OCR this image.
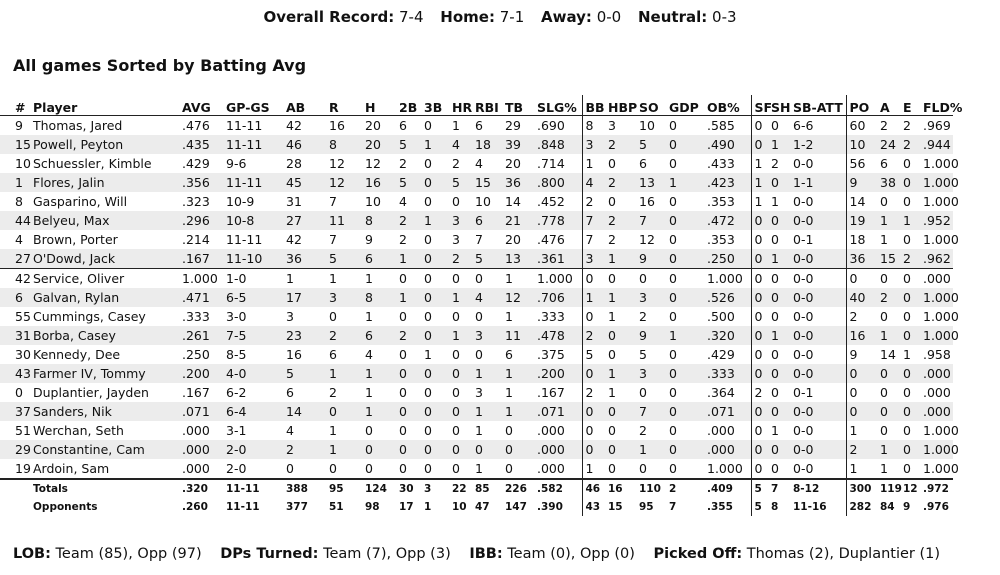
Overall Record: 7-4 Home: 7-1 Away: 0-0 Neutral: 0-3
All games Sorted by Batting Avg
#	Player	AVG	GP-GS	AB	R	H	2B	3B	HR	RBI	TB	SLG%	BB	HBP	SO	GDP	OB%	SF	SH	SB-ATT	PO	A	E	FLD%
9	Thomas, Jared	.476	11-11	42	16	20	6	0	1	6	29	.690	8	3	10	0	.585	0	0	6-6	60	2	2	.969
15	Powell, Peyton	.435	11-11	46	8	20	5	1	4	18	39	.848	3	2	5	0	.490	0	1	1-2	10	24	2	.944
10	Schuessler, Kimble	.429	9-6	28	12	12	2	0	2	4	20	.714	1	0	6	0	.433	1	2	0-0	56	6	0	1.000
1	Flores, Jalin	.356	11-11	45	12	16	5	0	5	15	36	.800	4	2	13	1	.423	1	0	1-1	9	38	0	1.000
8	Gasparino, Will	.323	10-9	31	7	10	4	0	0	10	14	.452	2	0	16	0	.353	1	1	0-0	14	0	0	1.000
44	Belyeu, Max	.296	10-8	27	11	8	2	1	3	6	21	.778	7	2	7	0	.472	0	0	0-0	19	1	1	.952
4	Brown, Porter	.214	11-11	42	7	9	2	0	3	7	20	.476	7	2	12	0	.353	0	0	0-1	18	1	0	1.000
27	O'Dowd, Jack	.167	11-10	36	5	6	1	0	2	5	13	.361	3	1	9	0	.250	0	1	0-0	36	15	2	.962
42	Service, Oliver	1.000	1-0	1	1	1	0	0	0	0	1	1.000	0	0	0	0	1.000	0	0	0-0	0	0	0	.000
6	Galvan, Rylan	.471	6-5	17	3	8	1	0	1	4	12	.706	1	1	3	0	.526	0	0	0-0	40	2	0	1.000
55	Cummings, Casey	.333	3-0	3	0	1	0	0	0	0	1	.333	0	1	2	0	.500	0	0	0-0	2	0	0	1.000
31	Borba, Casey	.261	7-5	23	2	6	2	0	1	3	11	.478	2	0	9	1	.320	0	1	0-0	16	1	0	1.000
30	Kennedy, Dee	.250	8-5	16	6	4	0	1	0	0	6	.375	5	0	5	0	.429	0	0	0-0	9	14	1	.958
43	Farmer IV, Tommy	.200	4-0	5	1	1	0	0	0	1	1	.200	0	1	3	0	.333	0	0	0-0	0	0	0	.000
0	Duplantier, Jayden	.167	6-2	6	2	1	0	0	0	3	1	.167	2	1	0	0	.364	2	0	0-1	0	0	0	.000
37	Sanders, Nik	.071	6-4	14	0	1	0	0	0	1	1	.071	0	0	7	0	.071	0	0	0-0	0	0	0	.000
51	Werchan, Seth	.000	3-1	4	1	0	0	0	0	1	0	.000	0	0	2	0	.000	0	1	0-0	1	0	0	1.000
29	Constantine, Cam	.000	2-0	2	1	0	0	0	0	0	0	.000	0	0	1	0	.000	0	0	0-0	2	1	0	1.000
19	Ardoin, Sam	.000	2-0	0	0	0	0	0	0	1	0	.000	1	0	0	0	1.000	0	0	0-0	1	1	0	1.000
	Totals	.320	11-11	388	95	124	30	3	22	85	226	.582	46	16	110	2	.409	5	7	8-12	300	119	12	.972
	Opponents	.260	11-11	377	51	98	17	1	10	47	147	.390	43	15	95	7	.355	5	8	11-16	282	84	9	.976
LOB: Team (85), Opp (97) DPs Turned: Team (7), Opp (3) IBB: Team (0), Opp (0) Picked Off: Thomas (2), Duplantier (1)
